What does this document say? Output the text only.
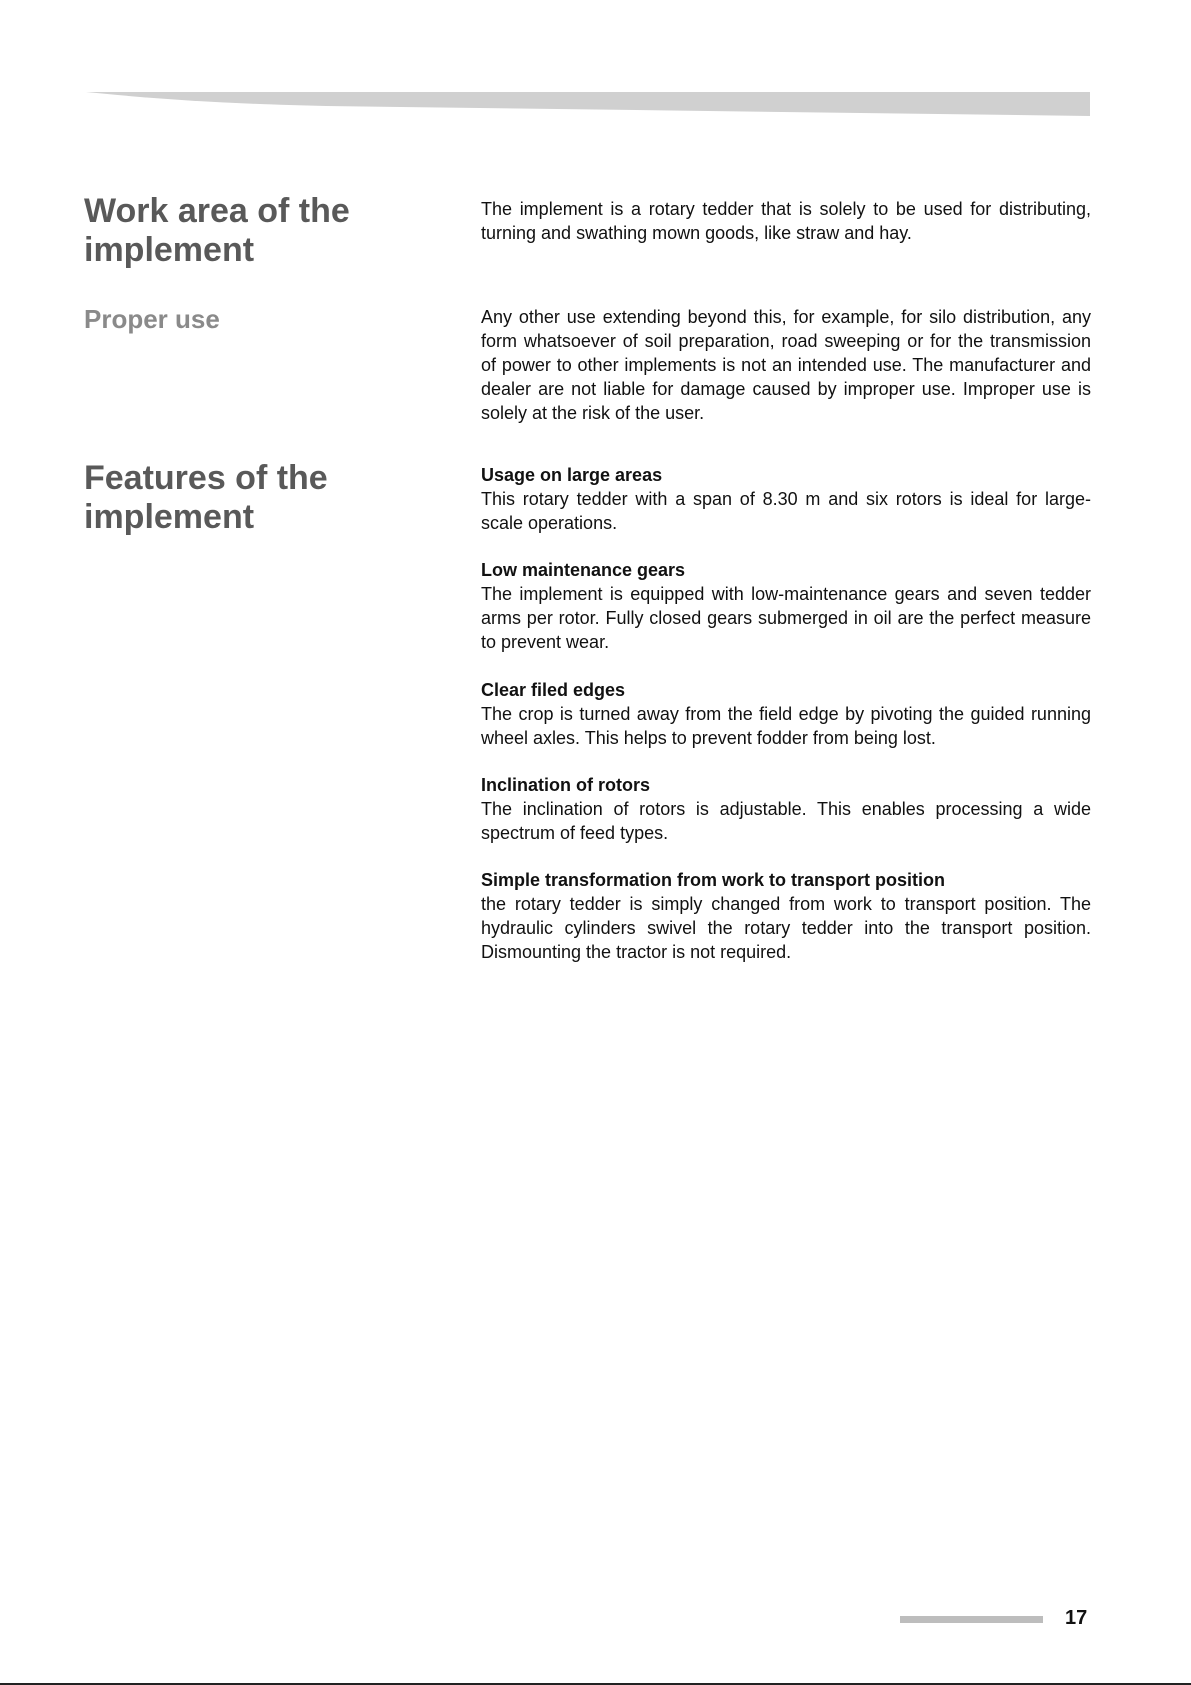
Work area of the implement
Proper use
Features of the implement

The implement is a rotary tedder that is solely to be used for distributing, turning and swathing mown goods, like straw and hay.

Any other use extending beyond this, for example, for silo distribution, any form whatsoever of soil preparation, road sweeping or for the transmission of power to other implements is not an intended use. The manufacturer and dealer are not liable for damage caused by improper use. Improper use is solely at the risk of the user.

Usage on large areas
This rotary tedder with a span of 8.30 m and six rotors is ideal for large-scale operations.
Low maintenance gears
The implement is equipped with low-maintenance gears and seven tedder arms per rotor. Fully closed gears submerged in oil are the perfect measure to prevent wear.
Clear filed edges
The crop is turned away from the field edge by pivoting the guided running wheel axles. This helps to prevent fodder from being lost.
Inclination of rotors
The inclination of rotors is adjustable. This enables processing a wide spectrum of feed types.
Simple transformation from work to transport position
the rotary tedder is simply changed from work to transport position. The hydraulic cylinders swivel the rotary tedder into the transport position. Dismounting the tractor is not required.
17
